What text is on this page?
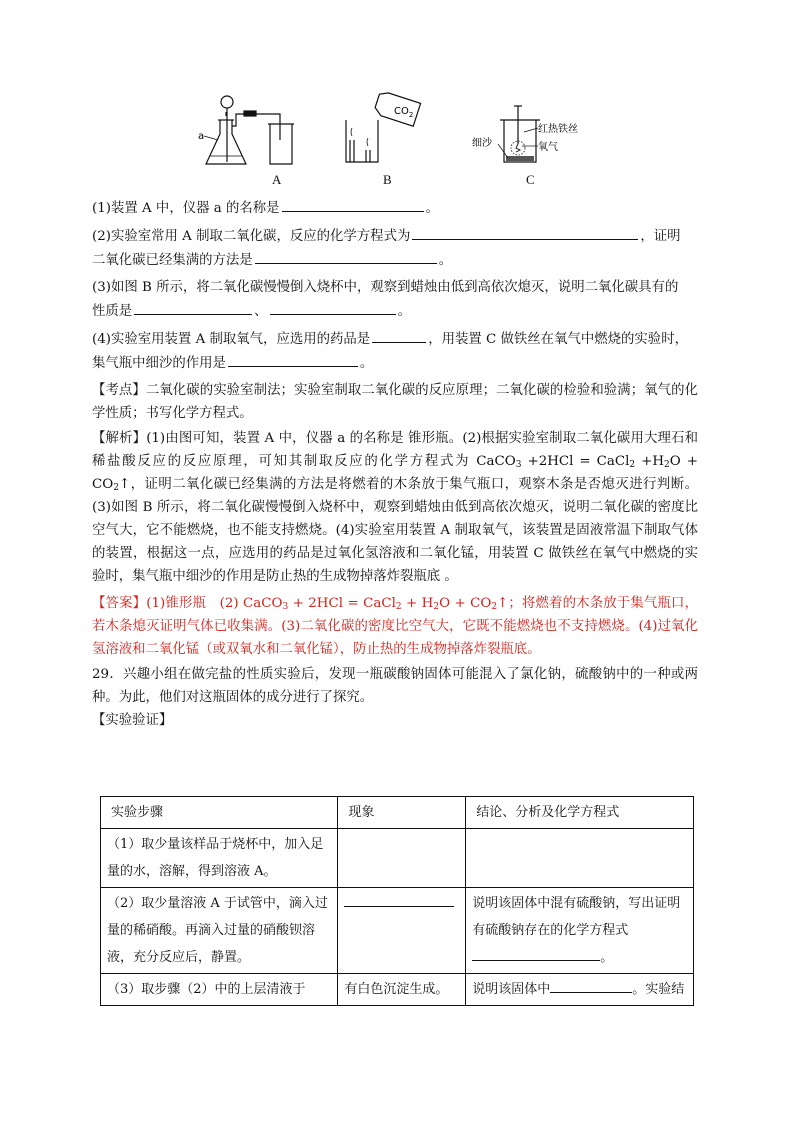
a
$CO_2$
红热铁丝
氧气
细沙
A	B	C

(1)装置 A 中，仪器 a 的名称是	。

(2)实验室常用 A 制取二氧化碳，反应的化学方程式为	，证明

二氧化碳已经集满的方法是	。

(3)如图 B 所示，将二氧化碳慢慢倒入烧杯中，观察到蜡烛由低到高依次熄灭，说明二氧化碳具有的

性质是	、	。

(4)实验室用装置 A 制取氧气，应选用的药品是	，用装置 C 做铁丝在氧气中燃烧的实验时，

集气瓶中细沙的作用是	。

【考点】二氧化碳的实验室制法；实验室制取二氧化碳的反应原理；二氧化碳的检验和验满；氧气的化学性质；书写化学方程式。

【解析】(1)由图可知，装置 A 中，仪器 a 的名称是 锥形瓶。(2)根据实验室制取二氧化碳用大理石和稀盐酸反应的反应原理，可知其制取反应的化学方程式为 CaCO$_3$ +2HCl = CaCl$_2$ $+H_2O$ + $CO_2↑$，证明二氧化碳已经集满的方法是将燃着的木条放于集气瓶口，观察木条是否熄灭进行判断。(3)如图 B 所示，将二氧化碳慢慢倒入烧杯中，观察到蜡烛由低到高依次熄灭，说明二氧化碳的密度比空气大，它不能燃烧，也不能支持燃烧。(4)实验室用装置 A 制取氧气，该装置是固液常温下制取气体的装置，根据这一点，应选用的药品是过氧化氢溶液和二氧化锰，用装置 C 做铁丝在氧气中燃烧的实验时，集气瓶中细沙的作用是防止热的生成物掉落炸裂瓶底 。

【答案】(1)锥形瓶　(2) CaCO$_3$ + 2HCl = CaCl$_2$ + $H_2O$ + $CO_2↑$；将燃着的木条放于集气瓶口，若木条熄灭证明气体已收集满。(3)二氧化碳的密度比空气大，它既不能燃烧也不支持燃烧。(4)过氧化氢溶液和二氧化锰（或双氧水和二氧化锰），防止热的生成物掉落炸裂瓶底。

29．兴趣小组在做完盐的性质实验后，发现一瓶碳酸钠固体可能混入了氯化钠，硫酸钠中的一种或两种。为此，他们对这瓶固体的成分进行了探究。

【实验验证】

实验步骤	现象	结论、分析及化学方程式
（1）取少量该样品于烧杯中，加入足量的水，溶解，得到溶液 A。		
（2）取少量溶液 A 于试管中，滴入过量的稀硝酸。再滴入过量的硝酸钡溶液，充分反应后，静置。		说明该固体中混有硫酸钠，写出证明有硫酸钠存在的化学方程式。
（3）取步骤（2）中的上层清液于	有白色沉淀生成。	说明该固体中 。实验结
